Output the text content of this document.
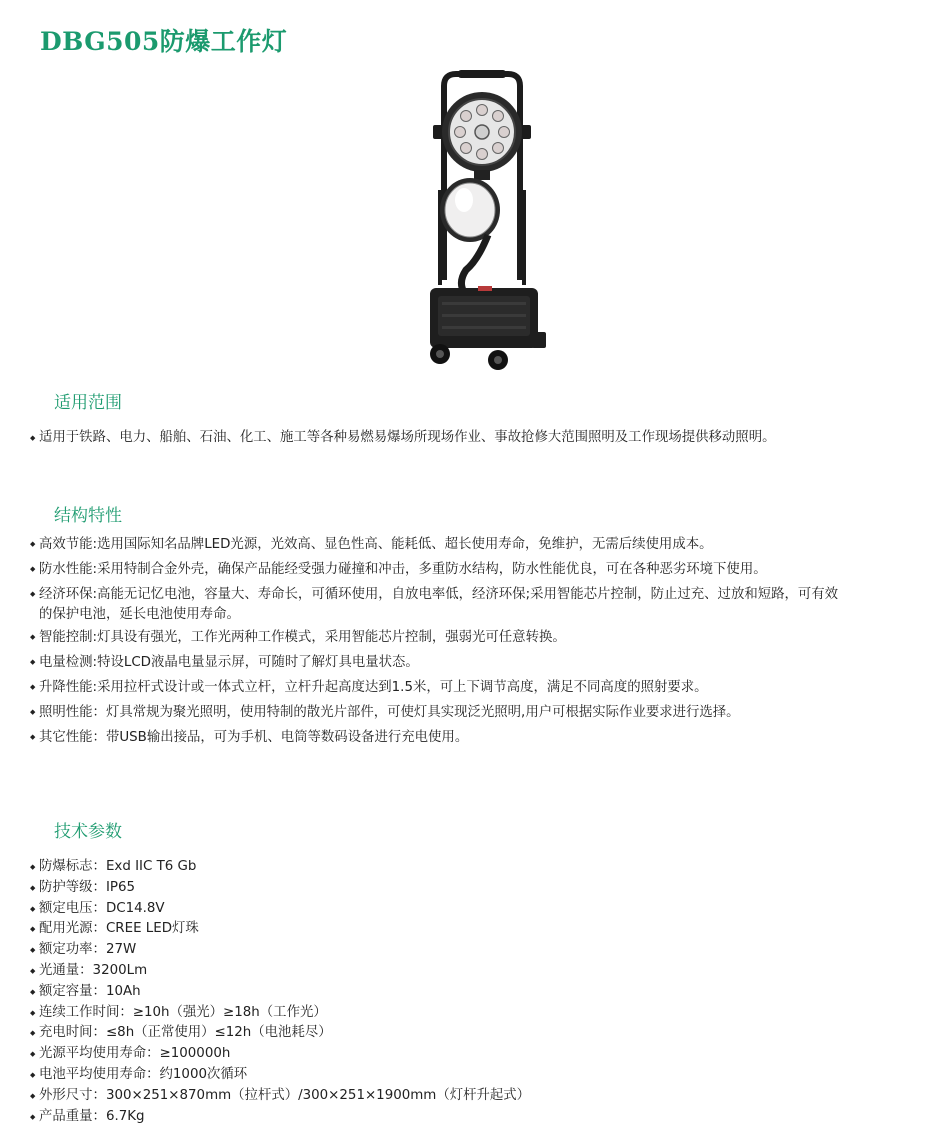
DBG505防爆工作灯
适用范围
◆ 适用于铁路、电力、船舶、石油、化工、施工等各种易燃易爆场所现场作业、事故抢修大范围照明及工作现场提供移动照明。
结构特性
◆ 高效节能:选用国际知名品牌LED光源，光效高、显色性高、能耗低、超长使用寿命，免维护，无需后续使用成本。
◆ 防水性能:采用特制合金外壳，确保产品能经受强力碰撞和冲击，多重防水结构，防水性能优良，可在各种恶劣环境下使用。
◆ 经济环保:高能无记忆电池，容量大、寿命长，可循环使用，自放电率低，经济环保;采用智能芯片控制，防止过充、过放和短路，可有效
的保护电池，延长电池使用寿命。
◆ 智能控制:灯具设有强光，工作光两种工作模式，采用智能芯片控制，强弱光可任意转换。
◆ 电量检测:特设LCD液晶电量显示屏，可随时了解灯具电量状态。
◆ 升降性能:采用拉杆式设计或一体式立杆，立杆升起高度达到1.5米，可上下调节高度，满足不同高度的照射要求。
◆ 照明性能：灯具常规为聚光照明，使用特制的散光片部件，可使灯具实现泛光照明,用户可根据实际作业要求进行选择。
◆ 其它性能：带USB输出接品，可为手机、电筒等数码设备进行充电使用。
技术参数
◆ 防爆标志：Exd IIC T6 Gb
◆ 防护等级：IP65
◆ 额定电压：DC14.8V
◆ 配用光源：CREE LED灯珠
◆ 额定功率：27W
◆ 光通量：3200Lm
◆ 额定容量：10Ah
◆ 连续工作时间：≥10h（强光）≥18h（工作光）
◆ 充电时间：≤8h（正常使用）≤12h（电池耗尽）
◆ 光源平均使用寿命：≥100000h
◆ 电池平均使用寿命：约1000次循环
◆ 外形尺寸：300×251×870mm（拉杆式）/300×251×1900mm（灯杆升起式）
◆ 产品重量：6.7Kg
